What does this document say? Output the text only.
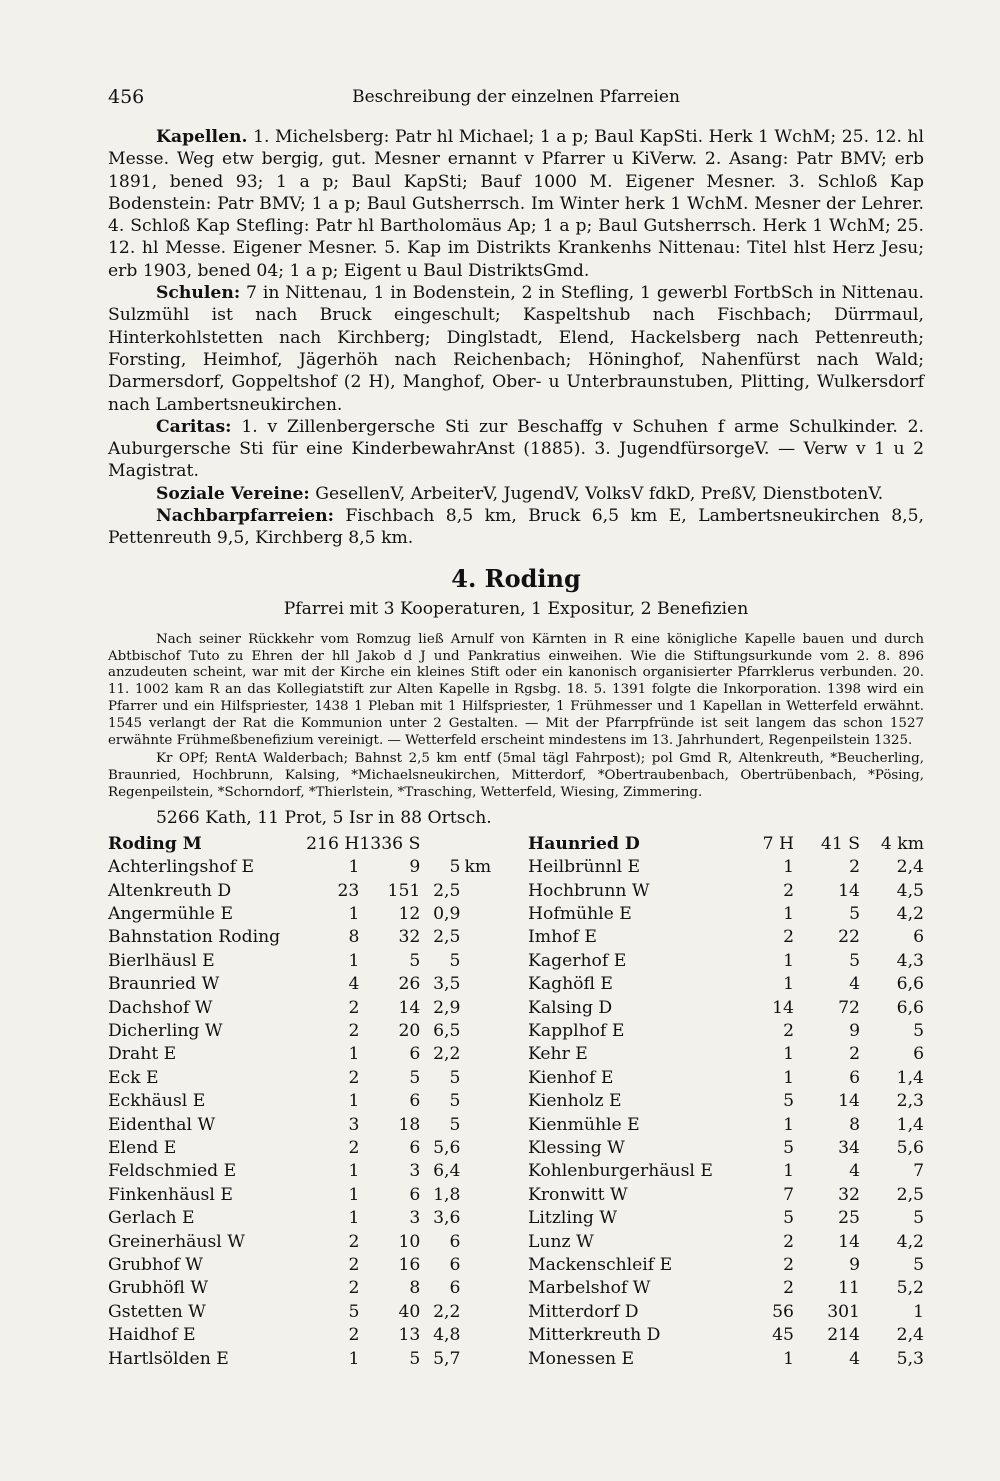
456	Beschreibung der einzelnen Pfarreien

Kapellen. 1. Michelsberg: Patr hl Michael; 1 a p; Baul KapSti. Herk 1 WchM; 25. 12. hl Messe. Weg etw bergig, gut. Mesner ernannt v Pfarrer u KiVerw. 2. Asang: Patr BMV; erb 1891, bened 93; 1 a p; Baul KapSti; Bauf 1000 M. Eigener Mesner. 3. Schloß Kap Bodenstein: Patr BMV; 1 a p; Baul Gutsherrsch. Im Winter herk 1 WchM. Mesner der Lehrer. 4. Schloß Kap Stefling: Patr hl Bartholomäus Ap; 1 a p; Baul Gutsherrsch. Herk 1 WchM; 25. 12. hl Messe. Eigener Mesner. 5. Kap im Distrikts Krankenhs Nittenau: Titel hlst Herz Jesu; erb 1903, bened 04; 1 a p; Eigent u Baul DistriktsGmd.

Schulen: 7 in Nittenau, 1 in Bodenstein, 2 in Stefling, 1 gewerbl FortbSch in Nittenau. Sulzmühl ist nach Bruck eingeschult; Kaspeltshub nach Fischbach; Dürrmaul, Hinterkohlstetten nach Kirchberg; Dinglstadt, Elend, Hackelsberg nach Pettenreuth; Forsting, Heimhof, Jägerhöh nach Reichenbach; Höninghof, Nahenfürst nach Wald; Darmersdorf, Goppeltshof (2 H), Manghof, Ober- u Unterbraunstuben, Plitting, Wulkersdorf nach Lambertsneukirchen.

Caritas: 1. v Zillenbergersche Sti zur Beschaffg v Schuhen f arme Schulkinder. 2. Auburgersche Sti für eine KinderbewahrAnst (1885). 3. JugendfürsorgeV. — Verw v 1 u 2 Magistrat.

Soziale Vereine: GesellenV, ArbeiterV, JugendV, VolksV fdkD, PreßV, DienstbotenV.

Nachbarpfarreien: Fischbach 8,5 km, Bruck 6,5 km E, Lambertsneukirchen 8,5, Pettenreuth 9,5, Kirchberg 8,5 km.

4. Roding
Pfarrei mit 3 Kooperaturen, 1 Expositur, 2 Benefizien

Nach seiner Rückkehr vom Romzug ließ Arnulf von Kärnten in R eine königliche Kapelle bauen und durch Abtbischof Tuto zu Ehren der hll Jakob d J und Pankratius einweihen. Wie die Stiftungsurkunde vom 2. 8. 896 anzudeuten scheint, war mit der Kirche ein kleines Stift oder ein kanonisch organisierter Pfarrklerus verbunden. 20. 11. 1002 kam R an das Kollegiatstift zur Alten Kapelle in Rgsbg. 18. 5. 1391 folgte die Inkorporation. 1398 wird ein Pfarrer und ein Hilfspriester, 1438 1 Pleban mit 1 Hilfspriester, 1 Frühmesser und 1 Kapellan in Wetterfeld erwähnt. 1545 verlangt der Rat die Kommunion unter 2 Gestalten. — Mit der Pfarrpfründe ist seit langem das schon 1527 erwähnte Frühmeßbenefizium vereinigt. — Wetterfeld erscheint mindestens im 13. Jahrhundert, Regenpeilstein 1325.

Kr OPf; RentA Walderbach; Bahnst 2,5 km entf (5mal tägl Fahrpost); pol Gmd R, Altenkreuth, *Beucherling, Braunried, Hochbrunn, Kalsing, *Michaelsneukirchen, Mitterdorf, *Obertraubenbach, Obertrübenbach, *Pösing, Regenpeilstein, *Schorndorf, *Thierlstein, *Trasching, Wetterfeld, Wiesing, Zimmering.

5266 Kath, 11 Prot, 5 Isr in 88 Ortsch.

Roding M	216 H	1336 S		
Achterlingshof E	1	9	5	km
Altenkreuth D	23	151	2,5	
Angermühle E	1	12	0,9	
Bahnstation Roding	8	32	2,5	
Bierlhäusl E	1	5	5	
Braunried W	4	26	3,5	
Dachshof W	2	14	2,9	
Dicherling W	2	20	6,5	
Draht E	1	6	2,2	
Eck E	2	5	5	
Eckhäusl E	1	6	5	
Eidenthal W	3	18	5	
Elend E	2	6	5,6	
Feldschmied E	1	3	6,4	
Finkenhäusl E	1	6	1,8	
Gerlach E	1	3	3,6	
Greinerhäusl W	2	10	6	
Grubhof W	2	16	6	
Grubhöfl W	2	8	6	
Gstetten W	5	40	2,2	
Haidhof E	2	13	4,8	
Hartlsölden E	1	5	5,7	
Haunried D	7 H	41 S	4 km
Heilbrünnl E	1	2	2,4
Hochbrunn W	2	14	4,5
Hofmühle E	1	5	4,2
Imhof E	2	22	6
Kagerhof E	1	5	4,3
Kaghöfl E	1	4	6,6
Kalsing D	14	72	6,6
Kapplhof E	2	9	5
Kehr E	1	2	6
Kienhof E	1	6	1,4
Kienholz E	5	14	2,3
Kienmühle E	1	8	1,4
Klessing W	5	34	5,6
Kohlenburgerhäusl E	1	4	7
Kronwitt W	7	32	2,5
Litzling W	5	25	5
Lunz W	2	14	4,2
Mackenschleif E	2	9	5
Marbelshof W	2	11	5,2
Mitterdorf D	56	301	1
Mitterkreuth D	45	214	2,4
Monessen E	1	4	5,3
